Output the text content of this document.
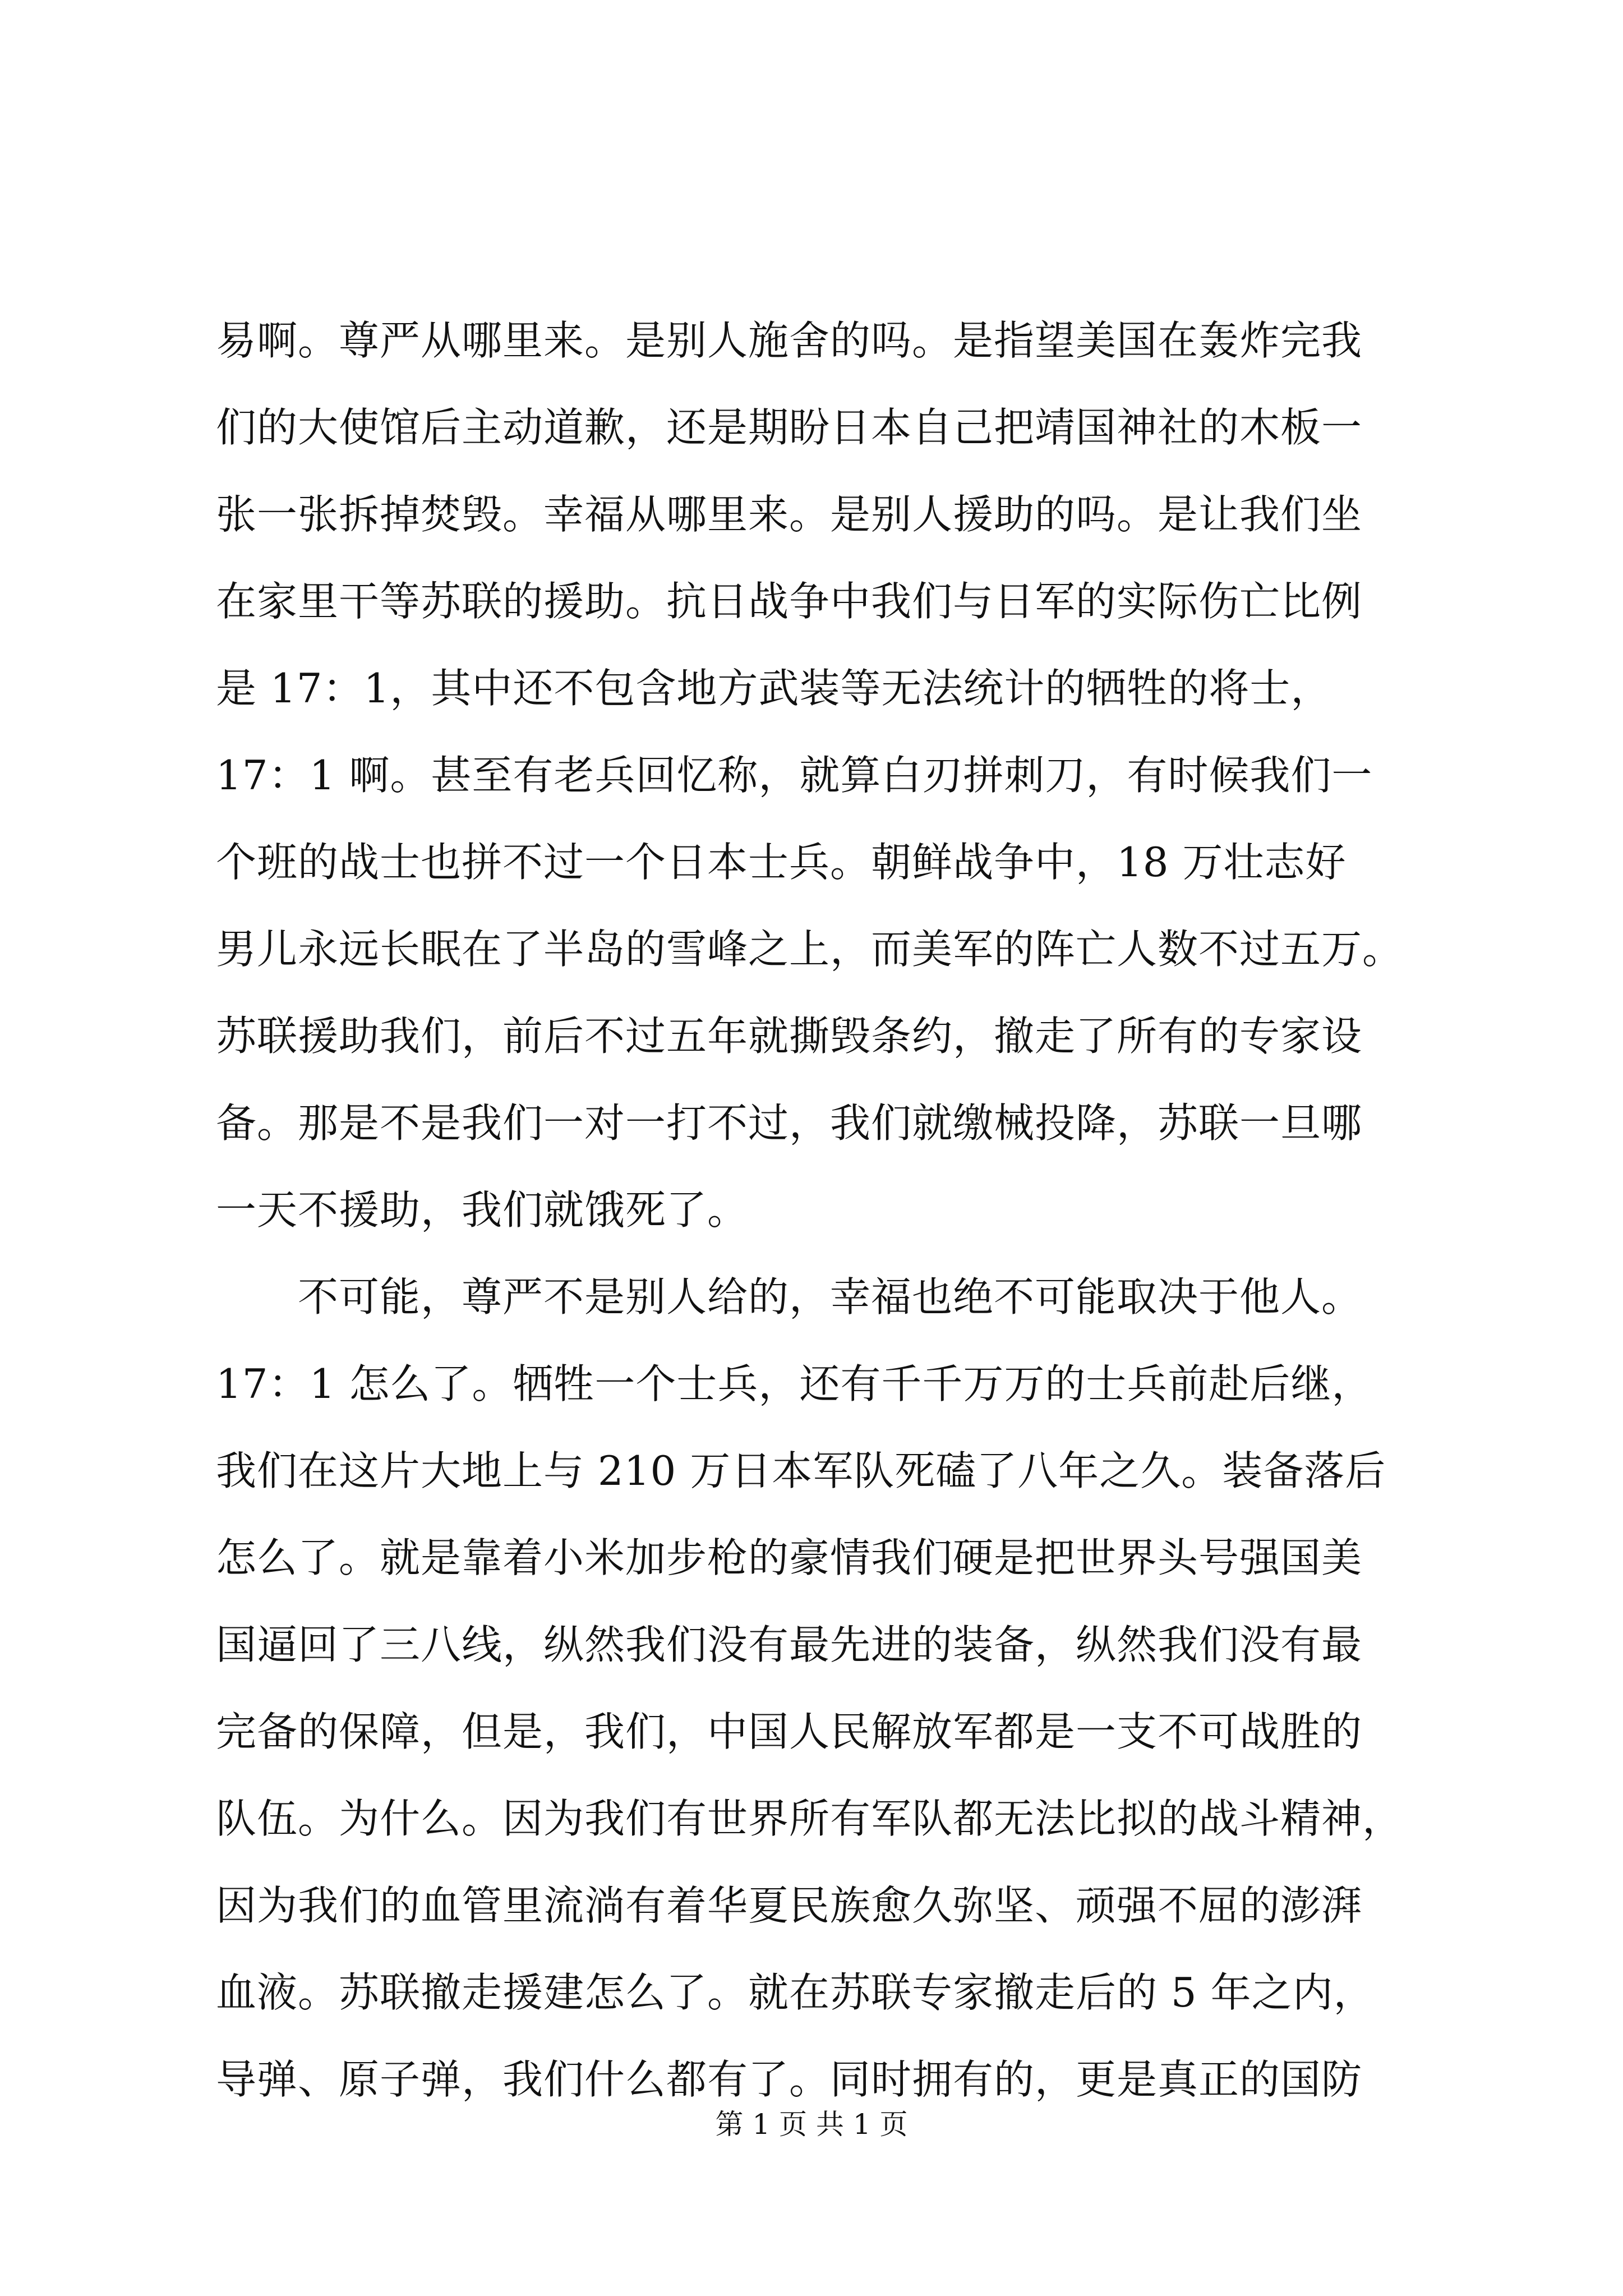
易啊。尊严从哪里来。是别人施舍的吗。是指望美国在轰炸完我
们的大使馆后主动道歉，还是期盼日本自己把靖国神社的木板一
张一张拆掉焚毁。幸福从哪里来。是别人援助的吗。是让我们坐
在家里干等苏联的援助。抗日战争中我们与日军的实际伤亡比例
是 17：1，其中还不包含地方武装等无法统计的牺牲的将士，
17：1 啊。甚至有老兵回忆称，就算白刃拼刺刀，有时候我们一
个班的战士也拼不过一个日本士兵。朝鲜战争中，18 万壮志好
男儿永远长眠在了半岛的雪峰之上，而美军的阵亡人数不过五万。
苏联援助我们，前后不过五年就撕毁条约，撤走了所有的专家设
备。那是不是我们一对一打不过，我们就缴械投降，苏联一旦哪
一天不援助，我们就饿死了。
　　不可能，尊严不是别人给的，幸福也绝不可能取决于他人。
17：1 怎么了。牺牲一个士兵，还有千千万万的士兵前赴后继，
我们在这片大地上与 210 万日本军队死磕了八年之久。装备落后
怎么了。就是靠着小米加步枪的豪情我们硬是把世界头号强国美
国逼回了三八线，纵然我们没有最先进的装备，纵然我们没有最
完备的保障，但是，我们，中国人民解放军都是一支不可战胜的
队伍。为什么。因为我们有世界所有军队都无法比拟的战斗精神，
因为我们的血管里流淌有着华夏民族愈久弥坚、顽强不屈的澎湃
血液。苏联撤走援建怎么了。就在苏联专家撤走后的 5 年之内，
导弹、原子弹，我们什么都有了。同时拥有的，更是真正的国防
第 1 页 共 1 页
